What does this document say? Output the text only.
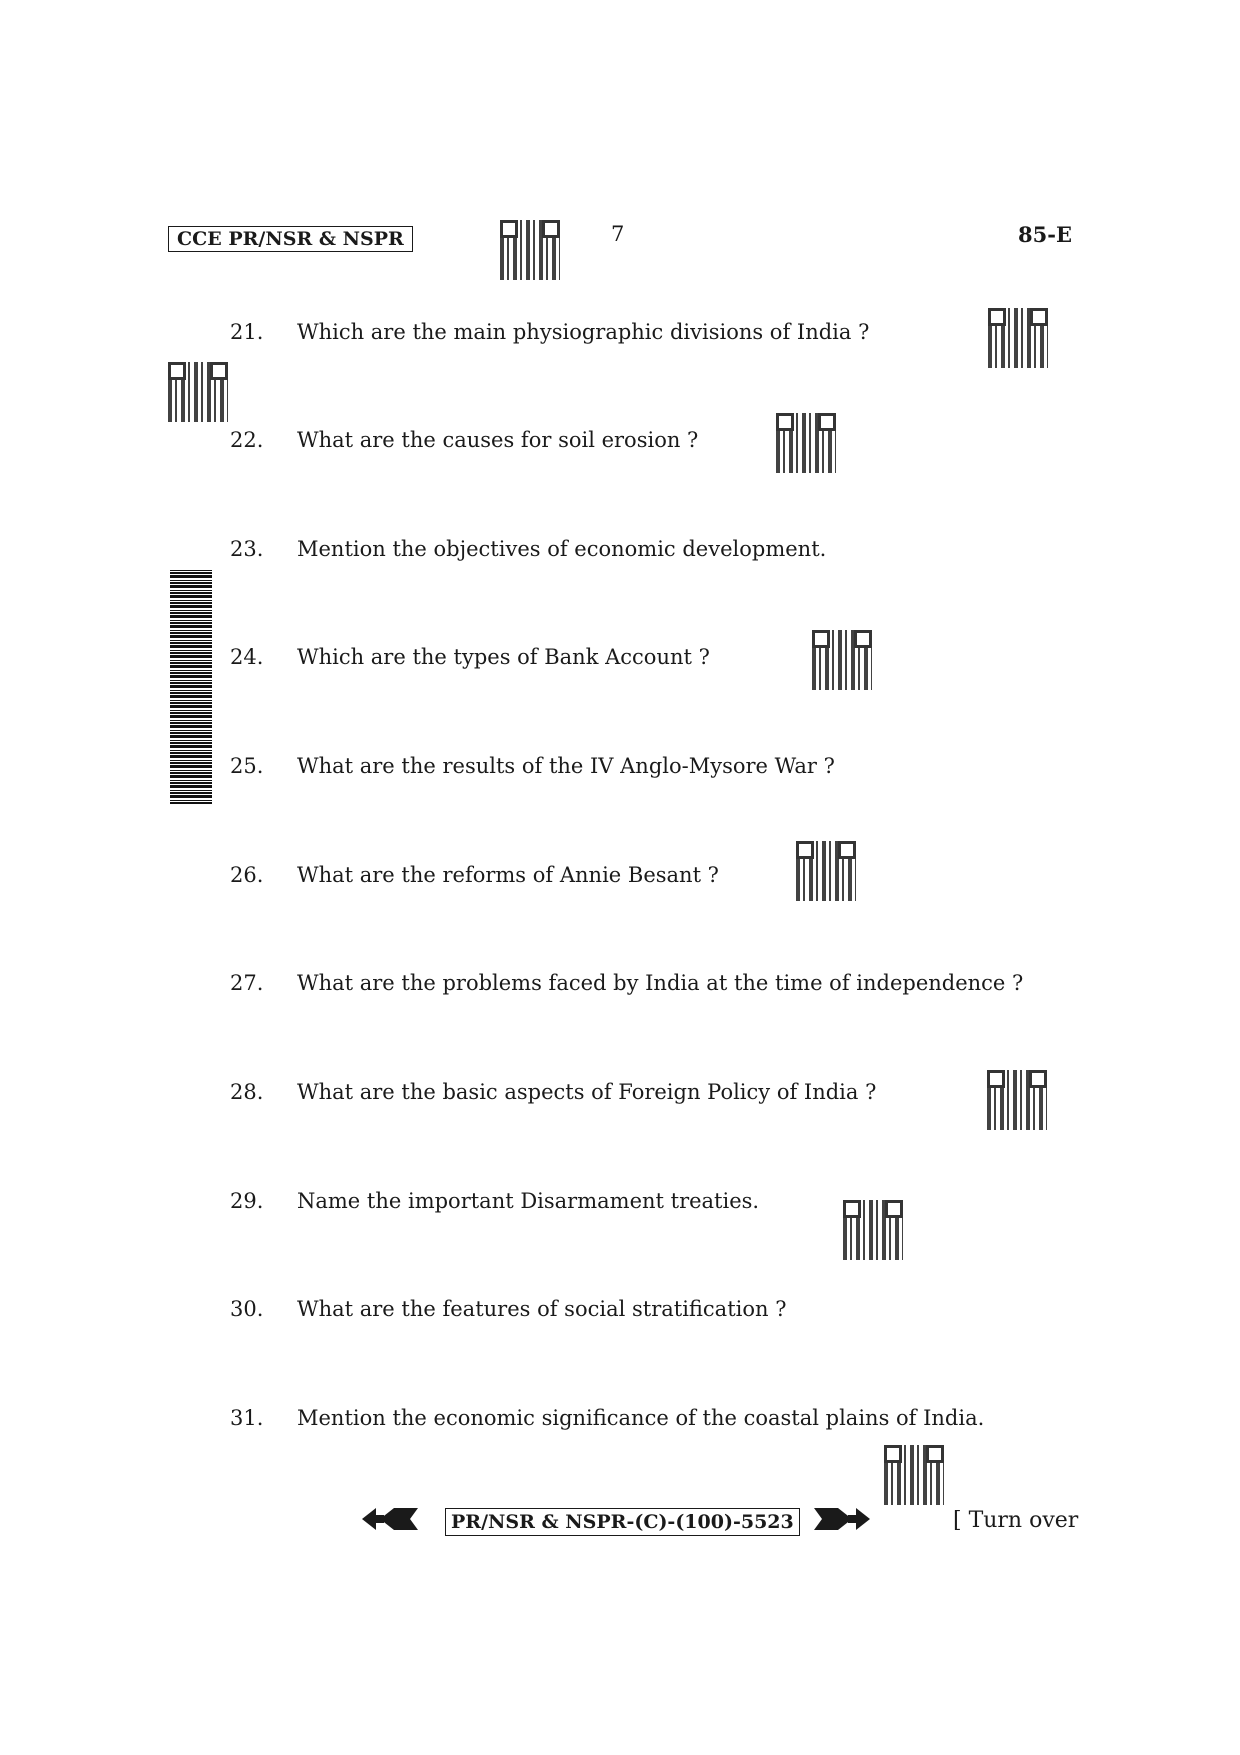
CCE PR/NSR & NSPR	7	85-E
21. Which are the main physiographic divisions of India ?
22. What are the causes for soil erosion ?
23. Mention the objectives of economic development.
24. Which are the types of Bank Account ?
25. What are the results of the IV Anglo-Mysore War ?
26. What are the reforms of Annie Besant ?
27. What are the problems faced by India at the time of independence ?
28. What are the basic aspects of Foreign Policy of India ?
29. Name the important Disarmament treaties.
30. What are the features of social stratification ?
31. Mention the economic significance of the coastal plains of India.
PR/NSR & NSPR-(C)-(100)-5523	[ Turn over
